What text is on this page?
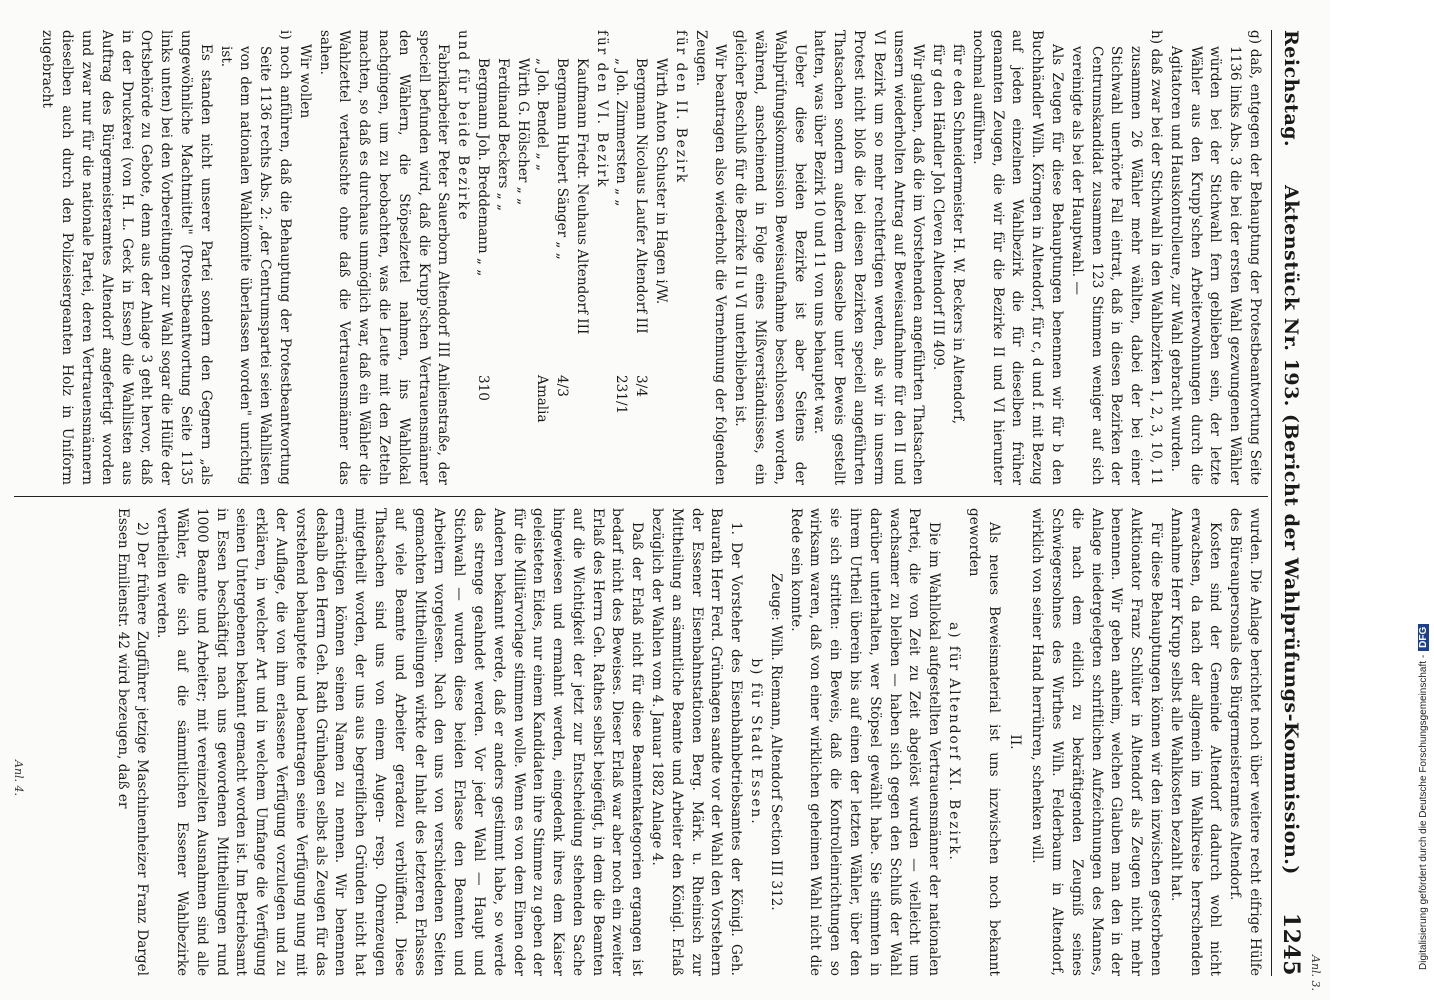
Reichstag.
Aktenstück Nr. 193. (Bericht der Wahlprüfungs-Kommission.)
1245

g) daß, entgegen der Behauptung der Protestbeantwortung Seite 1136 links Abs. 3 die bei der ersten Wahl gezwungenen Wähler würden bei der Stichwahl fern geblieben sein, der letzte Wähler aus den Krupp'schen Arbeiterwohnungen durch die Agitatoren und Hauskontrolleure, zur Wahl gebracht wurden.

h) daß zwar bei der Stichwahl in den Wahlbezirken 1, 2, 3, 10, 11 zusammen 26 Wähler mehr wählten, dabei der bei einer Stichwahl unerhörte Fall eintrat, daß in diesen Bezirken der Centrumskandidat zusammen 123 Stimmen weniger auf sich vereinigte als bei der Hauptwahl. —

Als Zeugen für diese Behauptungen benennen wir für b den Buchhändler Wilh. Körngen in Altendorf, für c, d und f. mit Bezug auf jeden einzelnen Wahlbezirk die für dieselben früher genannten Zeugen, die wir für die Bezirke II und VI hierunter nochmal aufführen.

für e den Schneidermeister H. W. Beckers in Altendorf,

für g den Händler Joh Cleven Altendorf III 409.

Wir glauben, daß die im Vorstehenden angeführten Thatsachen unsern wiederholten Antrag auf Beweisaufnahme für den II und VI Bezirk um so mehr rechtfertigen werden, als wir in unserm Protest nicht bloß die bei diesen Bezirken speciell angeführten Thatsachen sondern außerdem dasselbe unter Beweis gestellt hatten, was über Bezirk 10 und 11 von uns behauptet war.

Ueber diese beiden Bezirke ist aber Seitens der Wahlprüfungskommission Beweisaufnahme beschlossen worden, während, anscheinend in Folge eines Mißverständnisses, ein gleicher Beschluß für die Bezirke II u VI unterblieben ist.

Wir beantragen also wiederholt die Vernehmung der folgenden Zeugen.

für den II. Bezirk

Wirth Anton Schuster in Hagen i/W.
Bergmann Nicolaus Laufer Altendorf III
3/4
„ Joh. Zimmersten „ „
231/1

für den VI. Bezirk

Kaufmann Friedr. Neuhaus Altendorf III
Bergmann Hubert Sänger „ „
4/3
„ Joh. Bendel „ „
Amalia
Wirth G. Hölscher „ „
Ferdinand Beckers „ „
Bergmann Joh. Breddemann „ „
310

und für beide Bezirke

Fabrikarbeiter Peter Sauerborn Altendorf III Anlienstraße, der speciell befunden wird, daß die Krupp'schen Vertrauensmänner den Wählern, die Stöpselzettel nahmen, ins Wahllokal nachgingen, um zu beobachten, was die Leute mit den Zetteln machten, so daß es durchaus unmöglich war, daß ein Wähler die Wahlzettel vertauschte ohne daß die Vertrauensmänner das sahen.

Wir wollen

i) noch anführen, daß die Behauptung der Protestbeantwortung Seite 1136 rechts Abs. 2: „der Centrumspartei seien Wahllisten von dem nationalen Wahlkomite überlassen worden" unrichtig ist.

Es standen nicht unserer Partei sondern den Gegnern „als ungewöhnliche Machtmittel" (Protestbeantwortung Seite 1135 links unten) bei den Vorbereitungen zur Wahl sogar die Hülfe der Ortsbehörde zu Gebote, denn aus der Anlage 3 geht hervor, daß in der Druckerei (von H. L. Geck in Essen) die Wahllisten aus Auftrag des Bürgermeisteramtes Altendorf angefertigt worden und zwar nur für die nationale Partei, deren Vertrauensmännern dieselben auch durch den Polizeisergeanten Holz in Uniform zugebracht

wurden. Die Anlage berichtet noch über weitere recht eifrige Hülfe des Büreaupersonals des Bürgermeisteramtes Altendorf.

Kosten sind der Gemeinde Altendorf dadurch wohl nicht erwachsen, da nach der allgemein im Wahlkreise herrschenden Annahme Herr Krupp selbst alle Wahlkosten bezahlt hat.

Für diese Behauptungen können wir den inzwischen gestorbenen Auktionator Franz Schlüter in Altendorf als Zeugen nicht mehr benennen. Wir geben anheim, welchen Glauben man den in der Anlage niedergelegten schriftlichen Aufzeichnungen des Mannes, die nach dem eidlich zu bekräftigenden Zeugniß seines Schwiegersohnes des Wirthes Wilh. Felderbaum in Altendorf, wirklich von seiner Hand herrühren, schenken will.

II.

Als neues Beweismaterial ist uns inzwischen noch bekannt geworden

a) für Altendorf XI. Bezirk.

Die im Wahllokal aufgestellten Vertrauensmänner der nationalen Partei, die von Zeit zu Zeit abgelöst wurden — vielleicht um wachsamer zu bleiben — haben sich gegen den Schluß der Wahl darüber unterhalten, wer Stöpsel gewählt habe. Sie stimmten in ihrem Urtheil überein bis auf einen der letzten Wähler, über den sie sich stritten: ein Beweis, daß die Kontrolleinrichtungen so wirksam waren, daß von einer wirklichen geheimen Wahl nicht die Rede sein konnte.

Zeuge: Wilh. Riemann, Altendorf Section III 312.

b) für Stadt Essen.

1. Der Vorsteher des Eisenbahnbetriebsamtes der Königl. Geh. Baurath Herr Ferd. Grünhagen sandte vor der Wahl den Vorstehern der Essener Eisenbahnstationen Berg. Märk. u. Rheinisch zur Mittheilung an sämmtliche Beamte und Arbeiter den Königl. Erlaß bezüglich der Wahlen vom 4. Januar 1882 Anlage 4.

Daß der Erlaß nicht für diese Beamtenkategorien ergangen ist bedarf nicht des Beweises. Dieser Erlaß war aber noch ein zweiter Erlaß des Herrn Geh. Rathes selbst beigefügt, in dem die Beamten auf die Wichtigkeit der jetzt zur Entscheidung stehenden Sache hingewiesen und ermahnt werden, eingedenk ihres dem Kaiser geleisteten Eides, nur einem Kandidaten ihre Stimme zu geben der für die Militärvorlage stimmen wolle. Wenn es von dem Einen oder Anderen bekannt werde, daß er anders gestimmt habe, so werde das strenge geahndet werden. Vor jeder Wahl — Haupt und Stichwahl — wurden diese beiden Erlasse den Beamten und Arbeitern vorgelesen. Nach den uns von verschiedenen Seiten gemachten Mittheilungen wirkte der Inhalt des letzteren Erlasses auf viele Beamte und Arbeiter geradezu verblüffend. Diese Thatsachen sind uns von einem Augen- resp. Ohrenzeugen mitgetheilt worden, der uns aus begreiflichen Gründen nicht hat ermächtigen können seinen Namen zu nennen. Wir benennen deshalb den Herrn Geh. Rath Grünhagen selbst als Zeugen für das vorstehend behauptete und beantragen seine Verfügung nung mit der Auflage, die von ihm erlassene Verfügung vorzulegen und zu erklären, in welcher Art und in welchem Umfange die Verfügung seinen Untergebenen bekannt gemacht worden ist. Im Betriebsamt in Essen beschäftigt nach uns gewordenen Mittheilungen rund 1000 Beamte und Arbeiter; mit vereinzelten Ausnahmen sind alle Wähler, die sich auf die sämmtlichen Essener Wahlbezirke vertheilen werden.

2) Der frühere Zugführer jetzige Maschinenheizer Franz Dargel Essen Emilienstr. 42 wird bezeugen, daß er

Anl. 4.
Anl. 3.
Digitalisierung gefördert durch die Deutsche Forschungsgemeinschaft -DFG
